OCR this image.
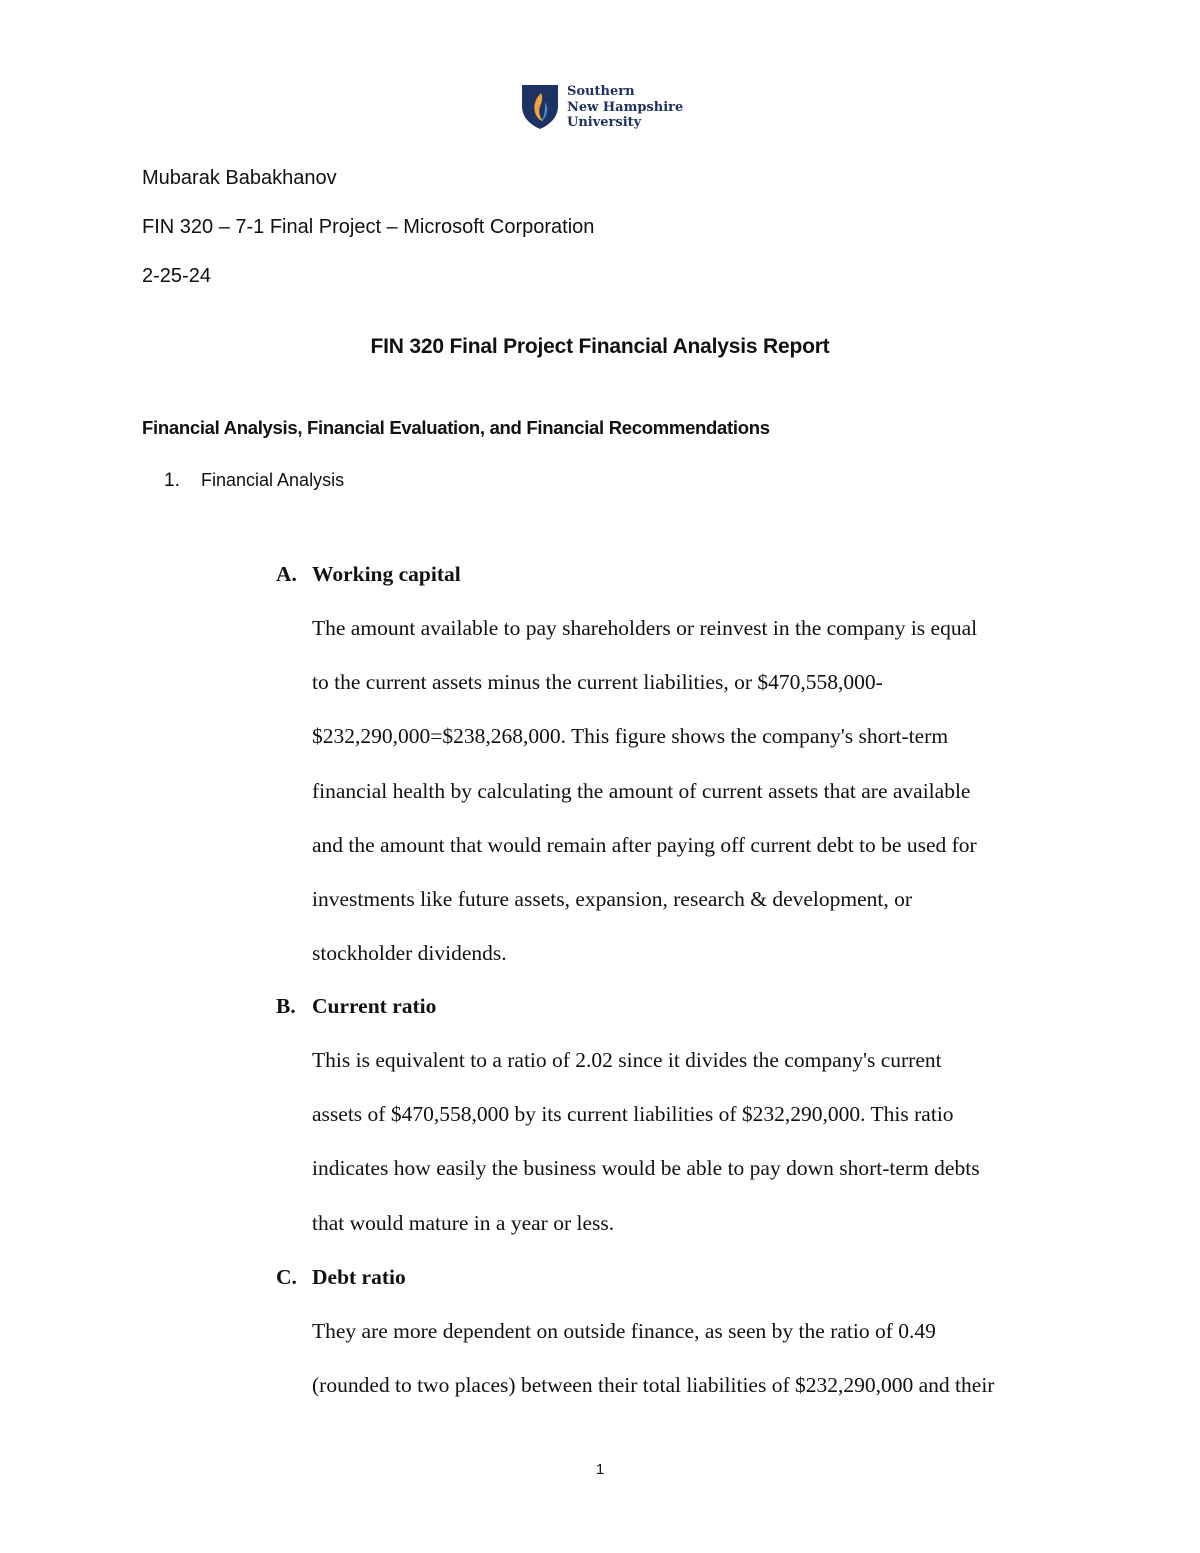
Southern
New Hampshire
University
Mubarak Babakhanov
FIN 320 – 7-1 Final Project – Microsoft Corporation
2-25-24
FIN 320 Final Project Financial Analysis Report
Financial Analysis, Financial Evaluation, and Financial Recommendations
1. Financial Analysis
A. Working capital
The amount available to pay shareholders or reinvest in the company is equal
to the current assets minus the current liabilities, or $470,558,000-
$232,290,000=$238,268,000. This figure shows the company's short-term
financial health by calculating the amount of current assets that are available
and the amount that would remain after paying off current debt to be used for
investments like future assets, expansion, research & development, or
stockholder dividends.
B. Current ratio
This is equivalent to a ratio of 2.02 since it divides the company's current
assets of $470,558,000 by its current liabilities of $232,290,000. This ratio
indicates how easily the business would be able to pay down short-term debts
that would mature in a year or less.
C. Debt ratio
They are more dependent on outside finance, as seen by the ratio of 0.49
(rounded to two places) between their total liabilities of $232,290,000 and their
1
